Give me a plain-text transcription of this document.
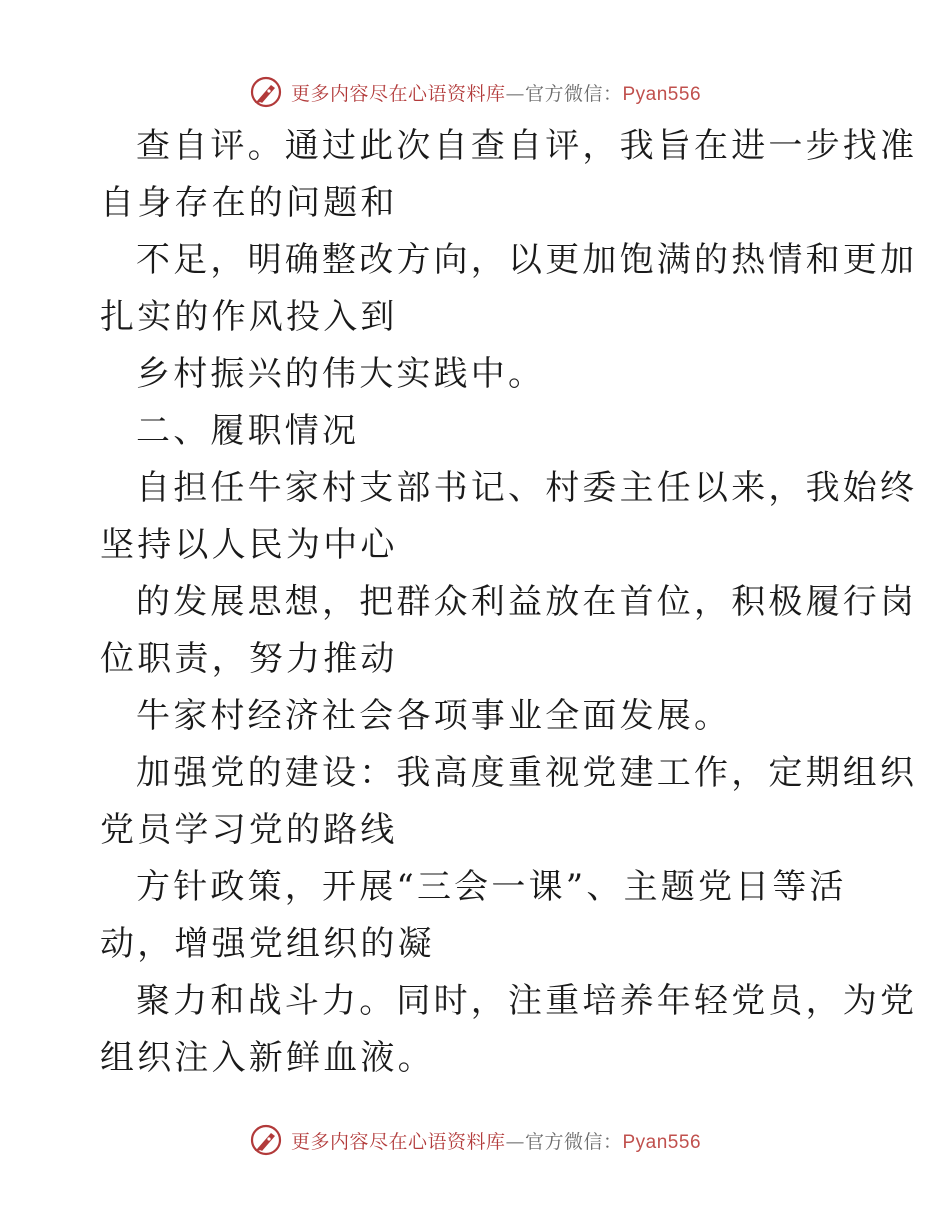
更多内容尽在心语资料库—官方微信：Pyan556

查自评。通过此次自查自评，我旨在进一步找准

自身存在的问题和

不足，明确整改方向，以更加饱满的热情和更加

扎实的作风投入到

乡村振兴的伟大实践中。

二、履职情况

自担任牛家村支部书记、村委主任以来，我始终

坚持以人民为中心

的发展思想，把群众利益放在首位，积极履行岗

位职责，努力推动

牛家村经济社会各项事业全面发展。

加强党的建设：我高度重视党建工作，定期组织

党员学习党的路线

方针政策，开展“三会一课”、主题党日等活

动，增强党组织的凝

聚力和战斗力。同时，注重培养年轻党员，为党

组织注入新鲜血液。

更多内容尽在心语资料库—官方微信：Pyan556
